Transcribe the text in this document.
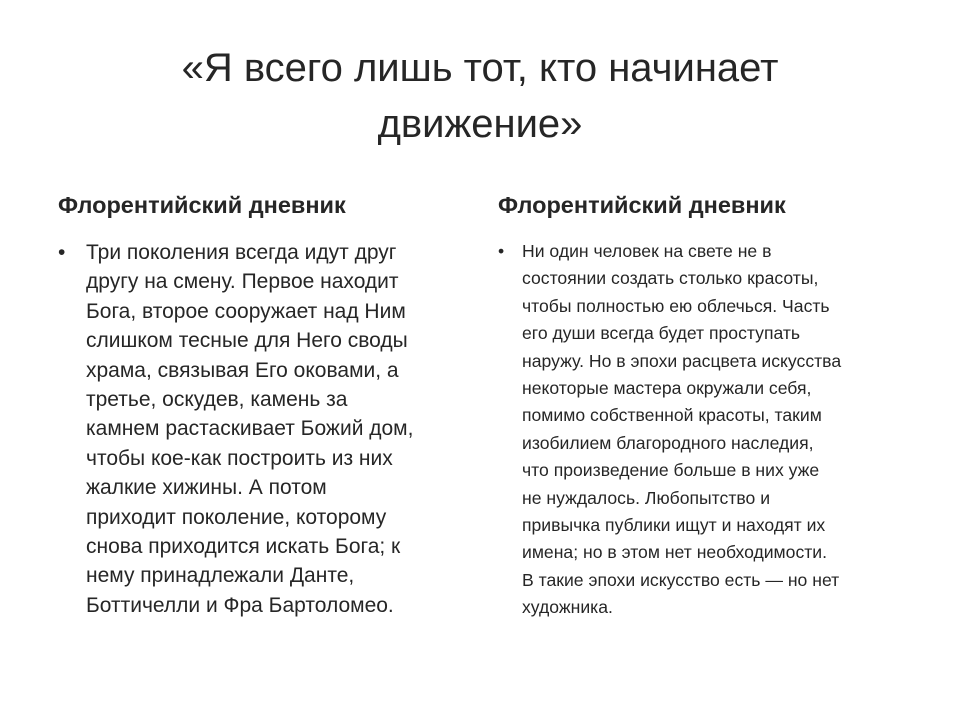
«Я всего лишь тот, кто начинает
движение»
Флорентийский дневник
• Три поколения всегда идут друг
другу на смену. Первое находит
Бога, второе сооружает над Ним
слишком тесные для Него своды
храма, связывая Его оковами, а
третье, оскудев, камень за
камнем растаскивает Божий дом,
чтобы кое-как построить из них
жалкие хижины. А потом
приходит поколение, которому
снова приходится искать Бога; к
нему принадлежали Данте,
Боттичелли и Фра Бартоломео.
Флорентийский дневник
• Ни один человек на свете не в
состоянии создать столько красоты,
чтобы полностью ею облечься. Часть
его души всегда будет проступать
наружу. Но в эпохи расцвета искусства
некоторые мастера окружали себя,
помимо собственной красоты, таким
изобилием благородного наследия,
что произведение больше в них уже
не нуждалось. Любопытство и
привычка публики ищут и находят их
имена; но в этом нет необходимости.
В такие эпохи искусство есть — но нет
художника.
